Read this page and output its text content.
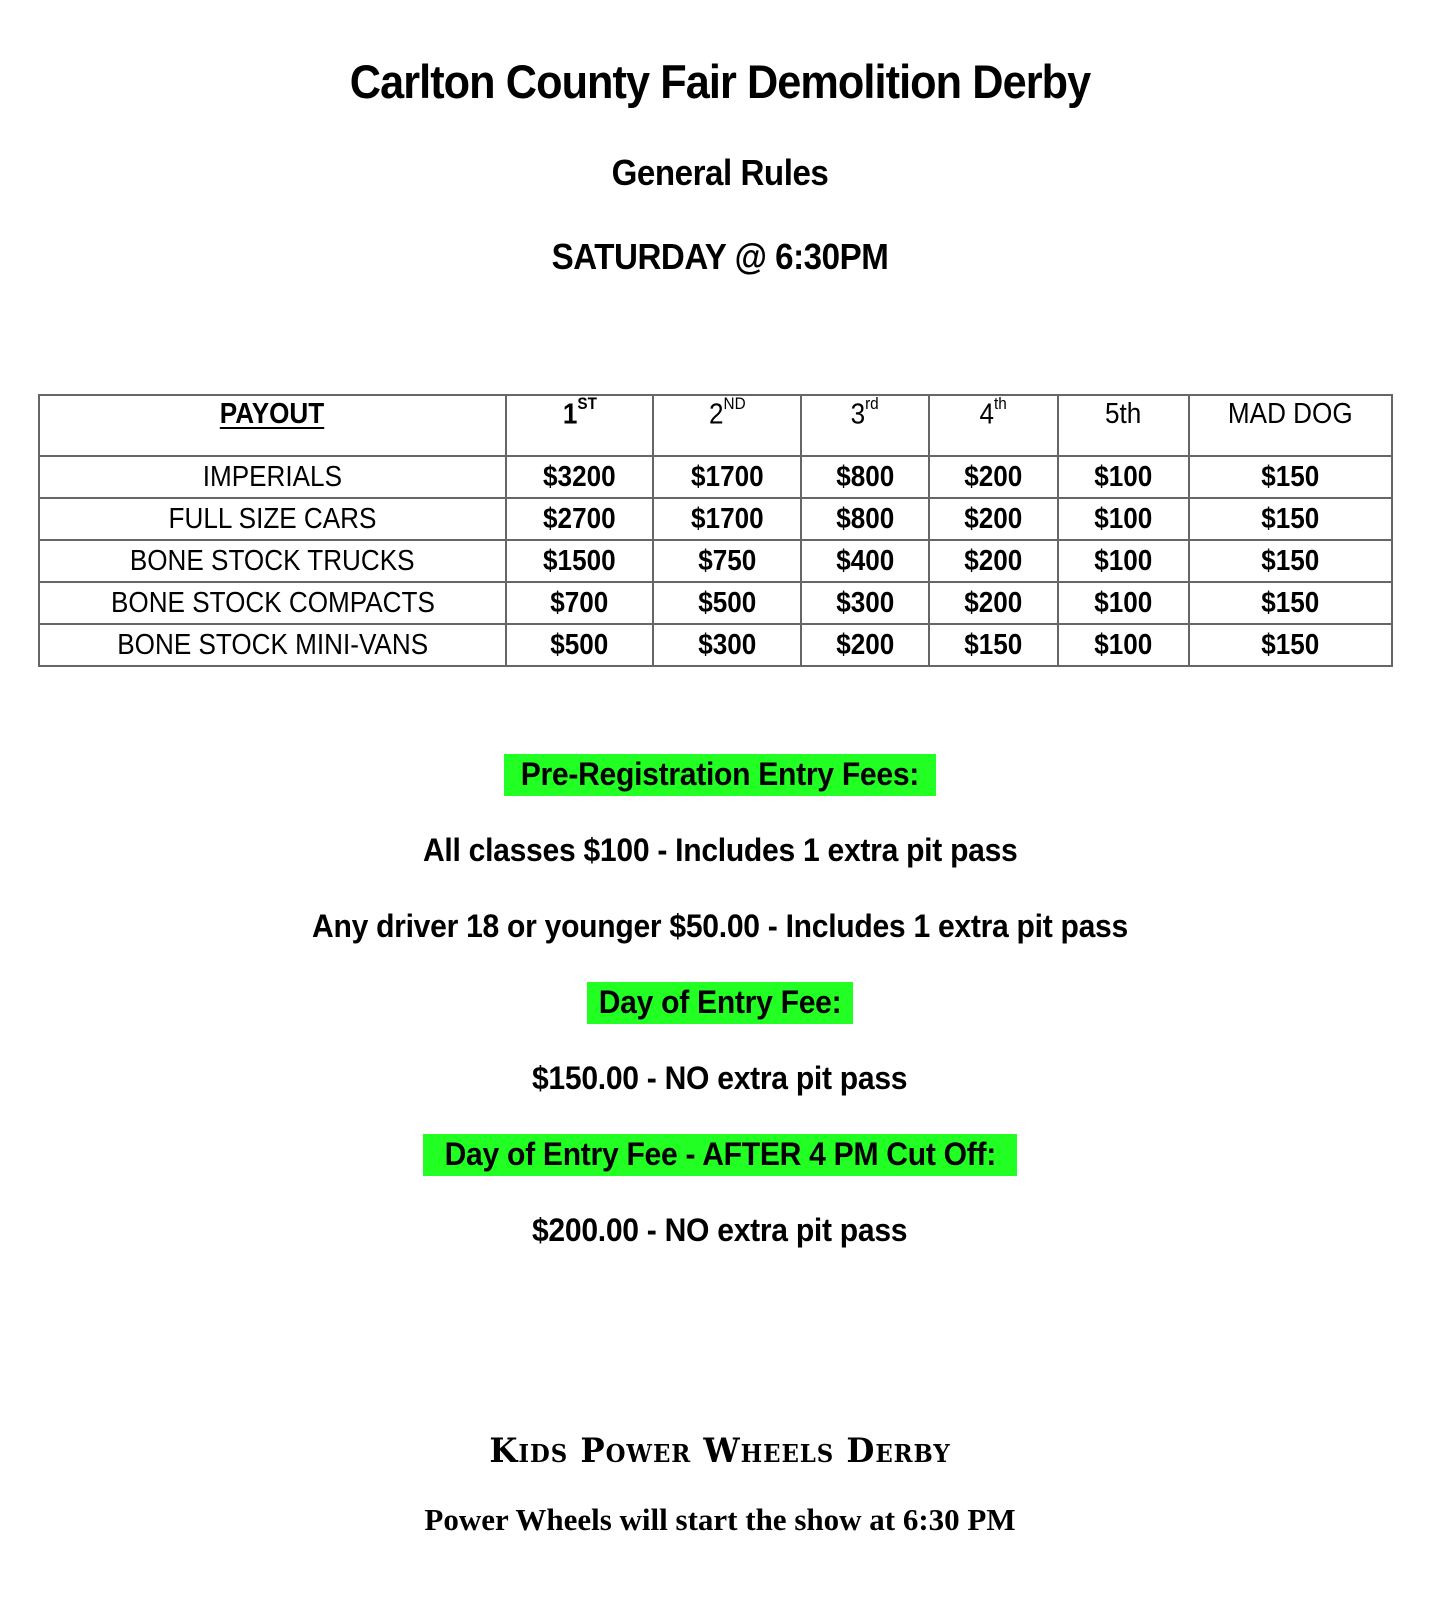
Carlton County Fair Demolition Derby
General Rules
SATURDAY @ 6:30PM
PAYOUT	1ST	2ND	3rd	4th	5th	MAD DOG
IMPERIALS	$3200	$1700	$800	$200	$100	$150
FULL SIZE CARS	$2700	$1700	$800	$200	$100	$150
BONE STOCK TRUCKS	$1500	$750	$400	$200	$100	$150
BONE STOCK COMPACTS	$700	$500	$300	$200	$100	$150
BONE STOCK MINI-VANS	$500	$300	$200	$150	$100	$150
Pre-Registration Entry Fees:
All classes $100 - Includes 1 extra pit pass
Any driver 18 or younger $50.00 - Includes 1 extra pit pass
Day of Entry Fee:
$150.00 - NO extra pit pass
Day of Entry Fee - AFTER 4 PM Cut Off:
$200.00 - NO extra pit pass
Kids Power Wheels Derby
Power Wheels will start the show at 6:30 PM
